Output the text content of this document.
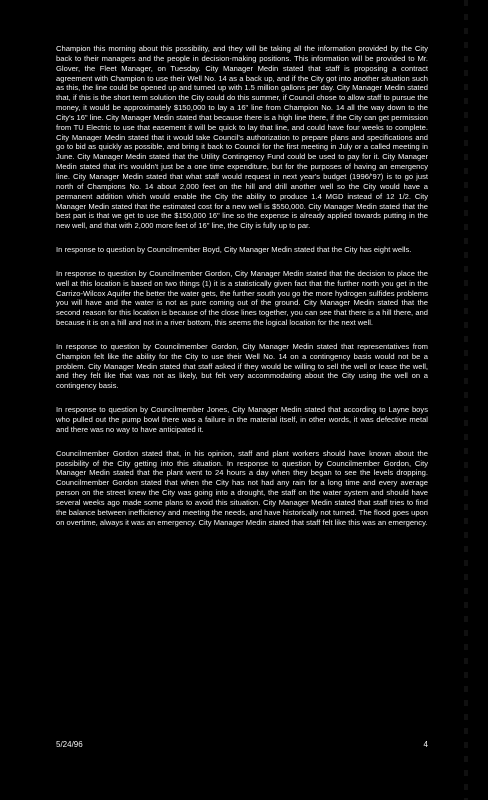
Champion this morning about this possibility, and they will be taking all the information provided by the City back to their managers and the people in decision-making positions. This information will be provided to Mr. Glover, the Fleet Manager, on Tuesday. City Manager Medin stated that staff is proposing a contract agreement with Champion to use their Well No. 14 as a back up, and if the City got into another situation such as this, the line could be opened up and turned up with 1.5 million gallons per day. City Manager Medin stated that, if this is the short term solution the City could do this summer, if Council chose to allow staff to pursue the money, it would be approximately $150,000 to lay a 16" line from Champion No. 14 all the way down to the City's 16" line. City Manager Medin stated that because there is a high line there, if the City can get permission from TU Electric to use that easement it will be quick to lay that line, and could have four weeks to complete. City Manager Medin stated that it would take Council's authorization to prepare plans and specifications and go to bid as quickly as possible, and bring it back to Council for the first meeting in July or a called meeting in June. City Manager Medin stated that the Utility Contingency Fund could be used to pay for it. City Manager Medin stated that it's wouldn't just be a one time expenditure, but for the purposes of having an emergency line. City Manager Medin stated that what staff would request in next year's budget (1996/'97) is to go just north of Champions No. 14 about 2,000 feet on the hill and drill another well so the City would have a permanent addition which would enable the City the ability to produce 1.4 MGD instead of 12 1/2. City Manager Medin stated that the estimated cost for a new well is $550,000. City Manager Medin stated that the best part is that we get to use the $150,000 16" line so the expense is already applied towards putting in the new well, and that with 2,000 more feet of 16" line, the City is fully up to par.

In response to question by Councilmember Boyd, City Manager Medin stated that the City has eight wells.

In response to question by Councilmember Gordon, City Manager Medin stated that the decision to place the well at this location is based on two things (1) it is a statistically given fact that the further north you get in the Carrizo-Wilcox Aquifer the better the water gets, the further south you go the more hydrogen sulfides problems you will have and the water is not as pure coming out of the ground. City Manager Medin stated that the second reason for this location is because of the close lines together, you can see that there is a hill there, and because it is on a hill and not in a river bottom, this seems the logical location for the next well.

In response to question by Councilmember Gordon, City Manager Medin stated that representatives from Champion felt like the ability for the City to use their Well No. 14 on a contingency basis would not be a problem. City Manager Medin stated that staff asked if they would be willing to sell the well or lease the well, and they felt like that was not as likely, but felt very accommodating about the City using the well on a contingency basis.

In response to question by Councilmember Jones, City Manager Medin stated that according to Layne boys who pulled out the pump bowl there was a failure in the material itself, in other words, it was defective metal and there was no way to have anticipated it.

Councilmember Gordon stated that, in his opinion, staff and plant workers should have known about the possibility of the City getting into this situation. In response to question by Councilmember Gordon, City Manager Medin stated that the plant went to 24 hours a day when they began to see the levels dropping. Councilmember Gordon stated that when the City has not had any rain for a long time and every average person on the street knew the City was going into a drought, the staff on the water system and should have several weeks ago made some plans to avoid this situation. City Manager Medin stated that staff tries to find the balance between inefficiency and meeting the needs, and have historically not turned. The flood goes upon on overtime, always it was an emergency. City Manager Medin stated that staff felt like this was an emergency.

5/24/96	4
